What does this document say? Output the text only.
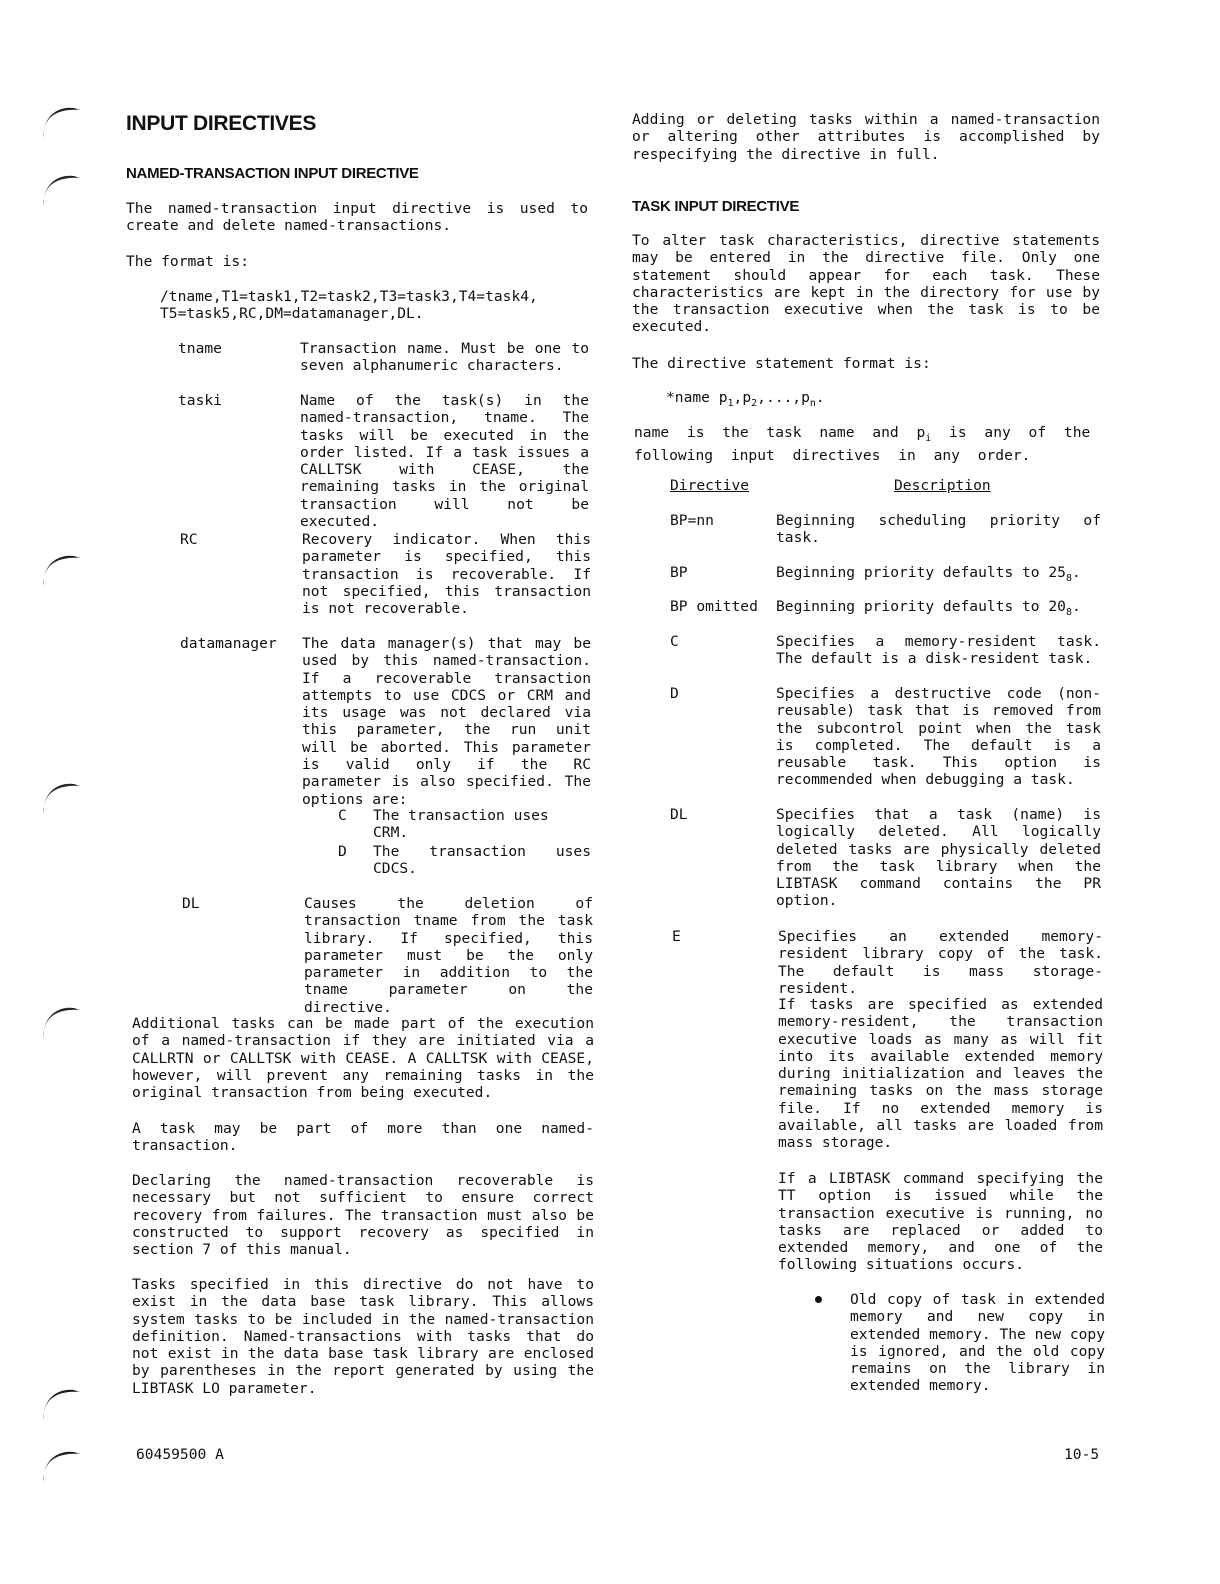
INPUT DIRECTIVES
NAMED-TRANSACTION INPUT DIRECTIVE
The named-transaction input directive is used to create and delete named-transactions.
The format is:
/tname,T1=task1,T2=task2,T3=task3,T4=task4,
T5=task5,RC,DM=datamanager,DL.
tname	Transaction name. Must be one to seven alphanumeric characters.
taski	Name of the task(s) in the named-transaction, tname. The tasks will be executed in the order listed. If a task issues a CALLTSK with CEASE, the remaining tasks in the original transaction will not be executed.
RC	Recovery indicator. When this parameter is specified, this transaction is recoverable. If not specified, this transaction is not recoverable.
datamanager The data manager(s) that may be used by this named-transaction. If a recoverable transaction attempts to use CDCS or CRM and its usage was not declared via this parameter, the run unit will be aborted. This parameter is valid only if the RC parameter is also specified. The options are:
C The transaction uses CRM.
D The transaction uses CDCS.
DL	Causes the deletion of transaction tname from the task library. If specified, this parameter must be the only parameter in addition to the tname parameter on the directive.
Additional tasks can be made part of the execution of a named-transaction if they are initiated via a CALLRTN or CALLTSK with CEASE. A CALLTSK with CEASE, however, will prevent any remaining tasks in the original transaction from being executed.
A task may be part of more than one named-transaction.
Declaring the named-transaction recoverable is necessary but not sufficient to ensure correct recovery from failures. The transaction must also be constructed to support recovery as specified in section 7 of this manual.
Tasks specified in this directive do not have to exist in the data base task library. This allows system tasks to be included in the named-transaction definition. Named-transactions with tasks that do not exist in the data base task library are enclosed by parentheses in the report generated by using the LIBTASK LO parameter.
Adding or deleting tasks within a named-transaction or altering other attributes is accomplished by respecifying the directive in full.
TASK INPUT DIRECTIVE
To alter task characteristics, directive statements may be entered in the directive file. Only one statement should appear for each task. These characteristics are kept in the directory for use by the transaction executive when the task is to be executed.
The directive statement format is:
*name $p_1,p_2,...,p_n$.
name is the task name and $p_i$ is any of the following input directives in any order.
Directive	Description
BP=nn	Beginning scheduling priority of task.
BP	Beginning priority defaults to $25_8$.
BP omitted Beginning priority defaults to $20_8$.
C	Specifies a memory-resident task. The default is a disk-resident task.
D	Specifies a destructive code (non-reusable) task that is removed from the subcontrol point when the task is completed. The default is a reusable task. This option is recommended when debugging a task.
DL	Specifies that a task (name) is logically deleted. All logically deleted tasks are physically deleted from the task library when the LIBTASK command contains the PR option.
E	Specifies an extended memory-resident library copy of the task. The default is mass storage-resident.
If tasks are specified as extended memory-resident, the transaction executive loads as many as will fit into its available extended memory during initialization and leaves the remaining tasks on the mass storage file. If no extended memory is available, all tasks are loaded from mass storage.
If a LIBTASK command specifying the TT option is issued while the transaction executive is running, no tasks are replaced or added to extended memory, and one of the following situations occurs.
Old copy of task in extended memory and new copy in extended memory. The new copy is ignored, and the old copy remains on the library in extended memory.
60459500 A	10-5
